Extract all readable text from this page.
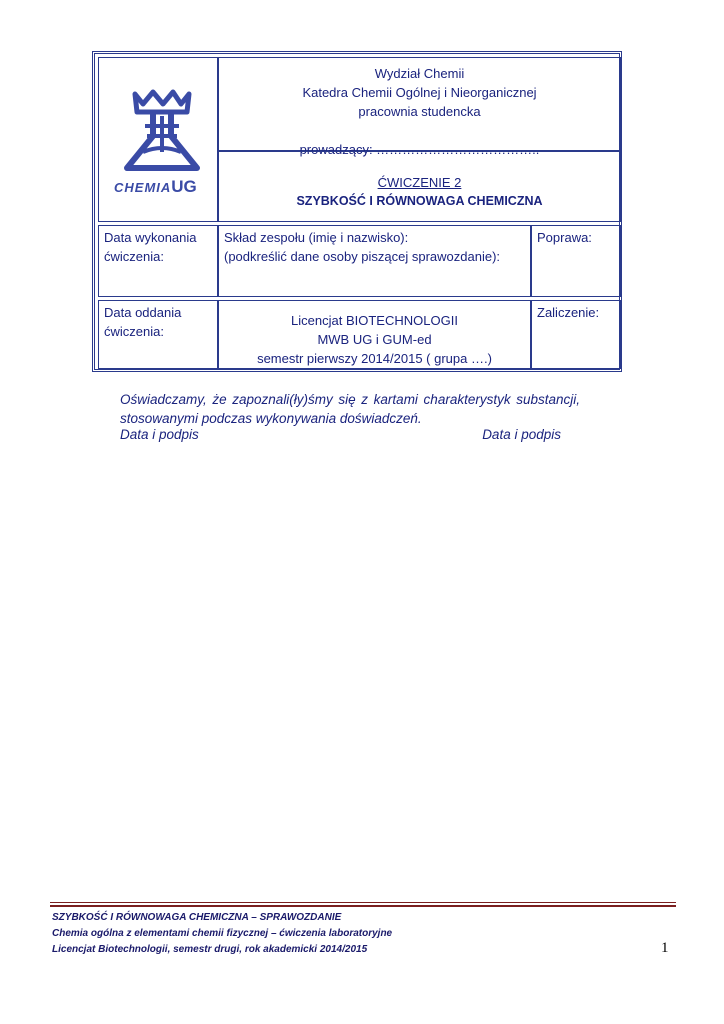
CHEMIAUG
Wydział Chemii
Katedra Chemii Ogólnej i Nieorganicznej
pracownia studencka
prowadzący: ………………………………..
ĆWICZENIE 2
SZYBKOŚĆ I RÓWNOWAGA CHEMICZNA
Data wykonania
ćwiczenia:
Skład zespołu (imię i nazwisko):
(podkreślić dane osoby piszącej sprawozdanie):
Poprawa:
Data oddania
ćwiczenia:
Licencjat BIOTECHNOLOGII
MWB UG i GUM-ed
semestr pierwszy 2014/2015 ( grupa ….)
Zaliczenie:
Oświadczamy, że zapoznali(ły)śmy się z kartami charakterystyk substancji, stosowanymi podczas wykonywania doświadczeń.
Data i podpis	Data i podpis
SZYBKOŚĆ I RÓWNOWAGA CHEMICZNA – SPRAWOZDANIE
Chemia ogólna z elementami chemii fizycznej – ćwiczenia laboratoryjne
Licencjat Biotechnologii, semestr drugi, rok akademicki 2014/2015	1
